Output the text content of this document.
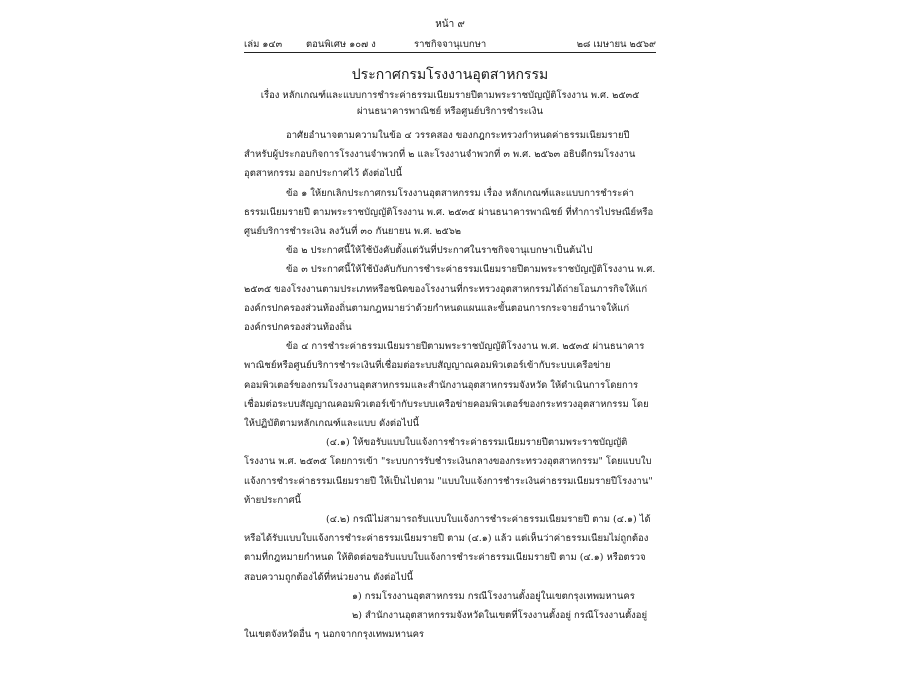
หน้า ๙
เล่ม ๑๔๓	ตอนพิเศษ ๑๐๗ ง	ราชกิจจานุเบกษา	๒๘ เมษายน ๒๕๖๙
ประกาศกรมโรงงานอุตสาหกรรม
เรื่อง หลักเกณฑ์และแบบการชำระค่าธรรมเนียมรายปีตามพระราชบัญญัติโรงงาน พ.ศ. ๒๕๓๕
ผ่านธนาคารพาณิชย์ หรือศูนย์บริการชำระเงิน

อาศัยอำนาจตามความในข้อ ๔ วรรคสอง ของกฎกระทรวงกำหนดค่าธรรมเนียมรายปีสำหรับผู้ประกอบกิจการโรงงานจำพวกที่ ๒ และโรงงานจำพวกที่ ๓ พ.ศ. ๒๕๖๓ อธิบดีกรมโรงงานอุตสาหกรรม ออกประกาศไว้ ดังต่อไปนี้

ข้อ ๑ ให้ยกเลิกประกาศกรมโรงงานอุตสาหกรรม เรื่อง หลักเกณฑ์และแบบการชำระค่าธรรมเนียมรายปี ตามพระราชบัญญัติโรงงาน พ.ศ. ๒๕๓๕ ผ่านธนาคารพาณิชย์ ที่ทำการไปรษณีย์หรือศูนย์บริการชำระเงิน ลงวันที่ ๓๐ กันยายน พ.ศ. ๒๕๖๒

ข้อ ๒ ประกาศนี้ให้ใช้บังคับตั้งแต่วันที่ประกาศในราชกิจจานุเบกษาเป็นต้นไป

ข้อ ๓ ประกาศนี้ให้ใช้บังคับกับการชำระค่าธรรมเนียมรายปีตามพระราชบัญญัติโรงงาน พ.ศ. ๒๕๓๕ ของโรงงานตามประเภทหรือชนิดของโรงงานที่กระทรวงอุตสาหกรรมได้ถ่ายโอนภารกิจให้แก่องค์กรปกครองส่วนท้องถิ่นตามกฎหมายว่าด้วยกำหนดแผนและขั้นตอนการกระจายอำนาจให้แก่องค์กรปกครองส่วนท้องถิ่น

ข้อ ๔ การชำระค่าธรรมเนียมรายปีตามพระราชบัญญัติโรงงาน พ.ศ. ๒๕๓๕ ผ่านธนาคารพาณิชย์หรือศูนย์บริการชำระเงินที่เชื่อมต่อระบบสัญญาณคอมพิวเตอร์เข้ากับระบบเครือข่ายคอมพิวเตอร์ของกรมโรงงานอุตสาหกรรมและสำนักงานอุตสาหกรรมจังหวัด ให้ดำเนินการโดยการเชื่อมต่อระบบสัญญาณคอมพิวเตอร์เข้ากับระบบเครือข่ายคอมพิวเตอร์ของกระทรวงอุตสาหกรรม โดยให้ปฏิบัติตามหลักเกณฑ์และแบบ ดังต่อไปนี้

(๔.๑) ให้ขอรับแบบใบแจ้งการชำระค่าธรรมเนียมรายปีตามพระราชบัญญัติโรงงาน พ.ศ. ๒๕๓๕ โดยการเข้า "ระบบการรับชำระเงินกลางของกระทรวงอุตสาหกรรม" โดยแบบใบแจ้งการชำระค่าธรรมเนียมรายปี ให้เป็นไปตาม "แบบใบแจ้งการชำระเงินค่าธรรมเนียมรายปีโรงงาน" ท้ายประกาศนี้

(๔.๒) กรณีไม่สามารถรับแบบใบแจ้งการชำระค่าธรรมเนียมรายปี ตาม (๔.๑) ได้ หรือได้รับแบบใบแจ้งการชำระค่าธรรมเนียมรายปี ตาม (๔.๑) แล้ว แต่เห็นว่าค่าธรรมเนียมไม่ถูกต้องตามที่กฎหมายกำหนด ให้ติดต่อขอรับแบบใบแจ้งการชำระค่าธรรมเนียมรายปี ตาม (๔.๑) หรือตรวจสอบความถูกต้องได้ที่หน่วยงาน ดังต่อไปนี้

๑) กรมโรงงานอุตสาหกรรม กรณีโรงงานตั้งอยู่ในเขตกรุงเทพมหานคร

๒) สำนักงานอุตสาหกรรมจังหวัดในเขตที่โรงงานตั้งอยู่ กรณีโรงงานตั้งอยู่ในเขตจังหวัดอื่น ๆ นอกจากกรุงเทพมหานคร
